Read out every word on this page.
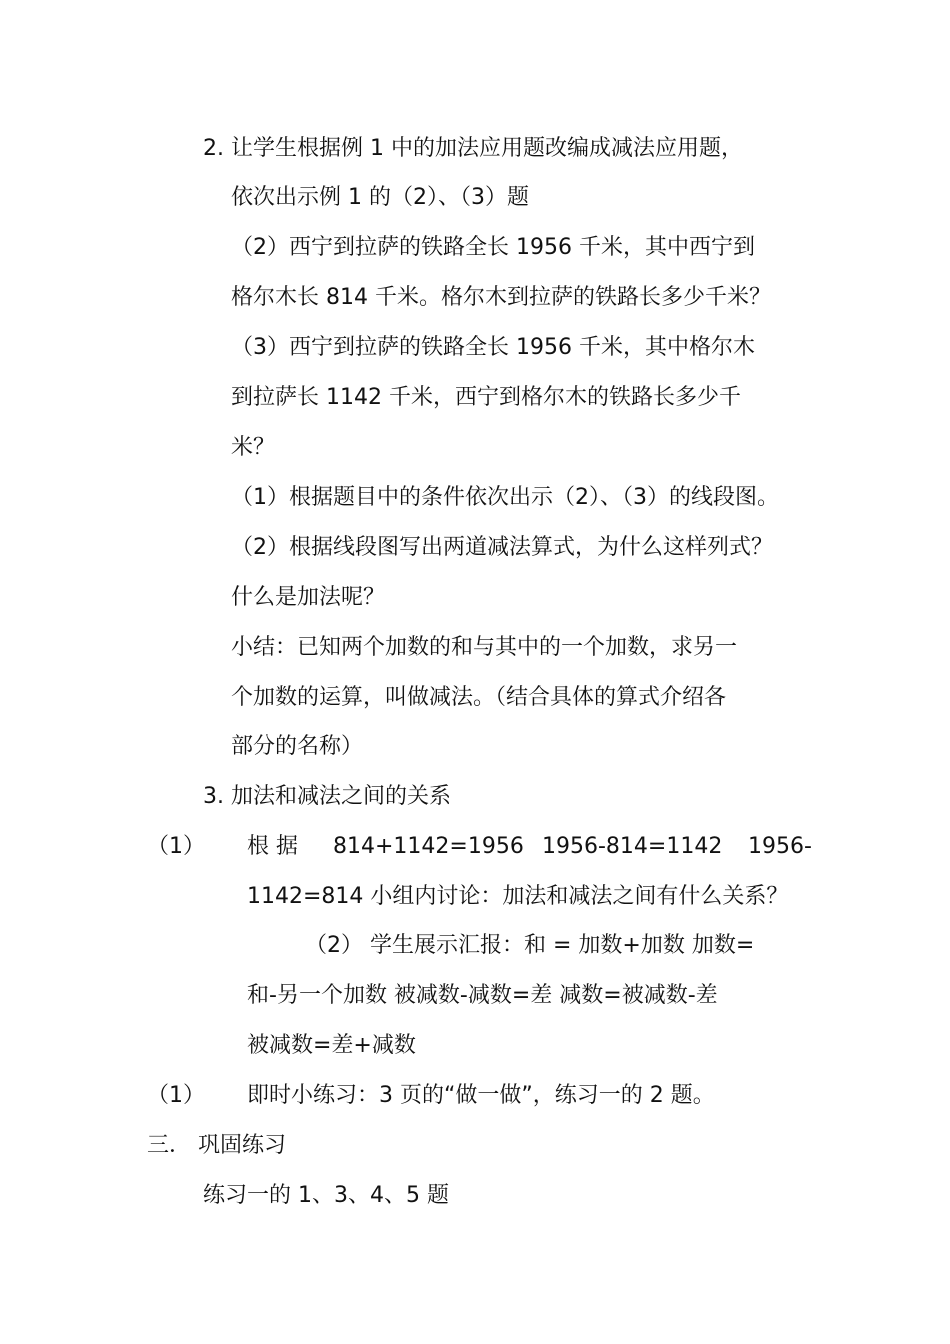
2. 让学生根据例 1 中的加法应用题改编成减法应用题，
依次出示例 1 的（2）、（3）题
（2）西宁到拉萨的铁路全长 1956 千米，其中西宁到
格尔木长 814 千米。格尔木到拉萨的铁路长多少千米？
（3）西宁到拉萨的铁路全长 1956 千米，其中格尔木
到拉萨长 1142 千米，西宁到格尔木的铁路长多少千
米？
（1）根据题目中的条件依次出示（2）、（3）的线段图。
（2）根据线段图写出两道减法算式，为什么这样列式？
什么是加法呢？
小结：已知两个加数的和与其中的一个加数，求另一
个加数的运算，叫做减法。（结合具体的算式介绍各
部分的名称）
3. 加法和减法之间的关系
（1） 根 据 814+1142=1956 1956-814=1142 1956-
1142=814 小组内讨论：加法和减法之间有什么关系？
（2） 学生展示汇报：和 = 加数+加数 加数=
和-另一个加数 被减数-减数=差 减数=被减数-差
被减数=差+减数
（1） 即时小练习：3 页的“做一做”，练习一的 2 题。
三． 巩固练习
练习一的 1、3、4、5 题
